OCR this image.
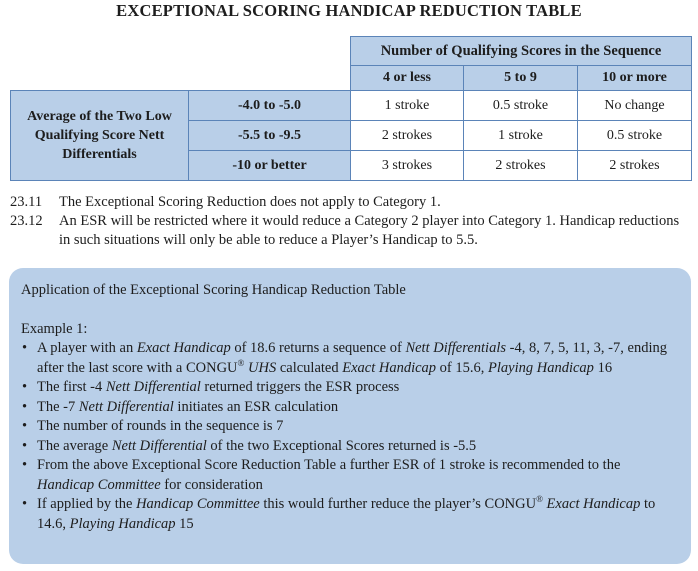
EXCEPTIONAL SCORING HANDICAP REDUCTION TABLE
		Number of Qualifying Scores in the Sequence		
		4 or less	5 to 9	10 or more
Average of the Two Low Qualifying Score Nett Differentials	-4.0 to -5.0	1 stroke	0.5 stroke	No change
	-5.5 to -9.5	2 strokes	1 stroke	0.5 stroke
	-10 or better	3 strokes	2 strokes	2 strokes
23.11	The Exceptional Scoring Reduction does not apply to Category 1.
23.12	An ESR will be restricted where it would reduce a Category 2 player into Category 1. Handicap reductions in such situations will only be able to reduce a Player’s Handicap to 5.5.
Application of the Exceptional Scoring Handicap Reduction Table
Example 1:
• A player with an Exact Handicap of 18.6 returns a sequence of Nett Differentials -4, 8, 7, 5, 11, 3, -7, ending after the last score with a CONGU® UHS calculated Exact Handicap of 15.6, Playing Handicap 16
• The first -4 Nett Differential returned triggers the ESR process
• The -7 Nett Differential initiates an ESR calculation
• The number of rounds in the sequence is 7
• The average Nett Differential of the two Exceptional Scores returned is -5.5
• From the above Exceptional Score Reduction Table a further ESR of 1 stroke is recommended to the Handicap Committee for consideration
• If applied by the Handicap Committee this would further reduce the player’s CONGU® Exact Handicap to 14.6, Playing Handicap 15
